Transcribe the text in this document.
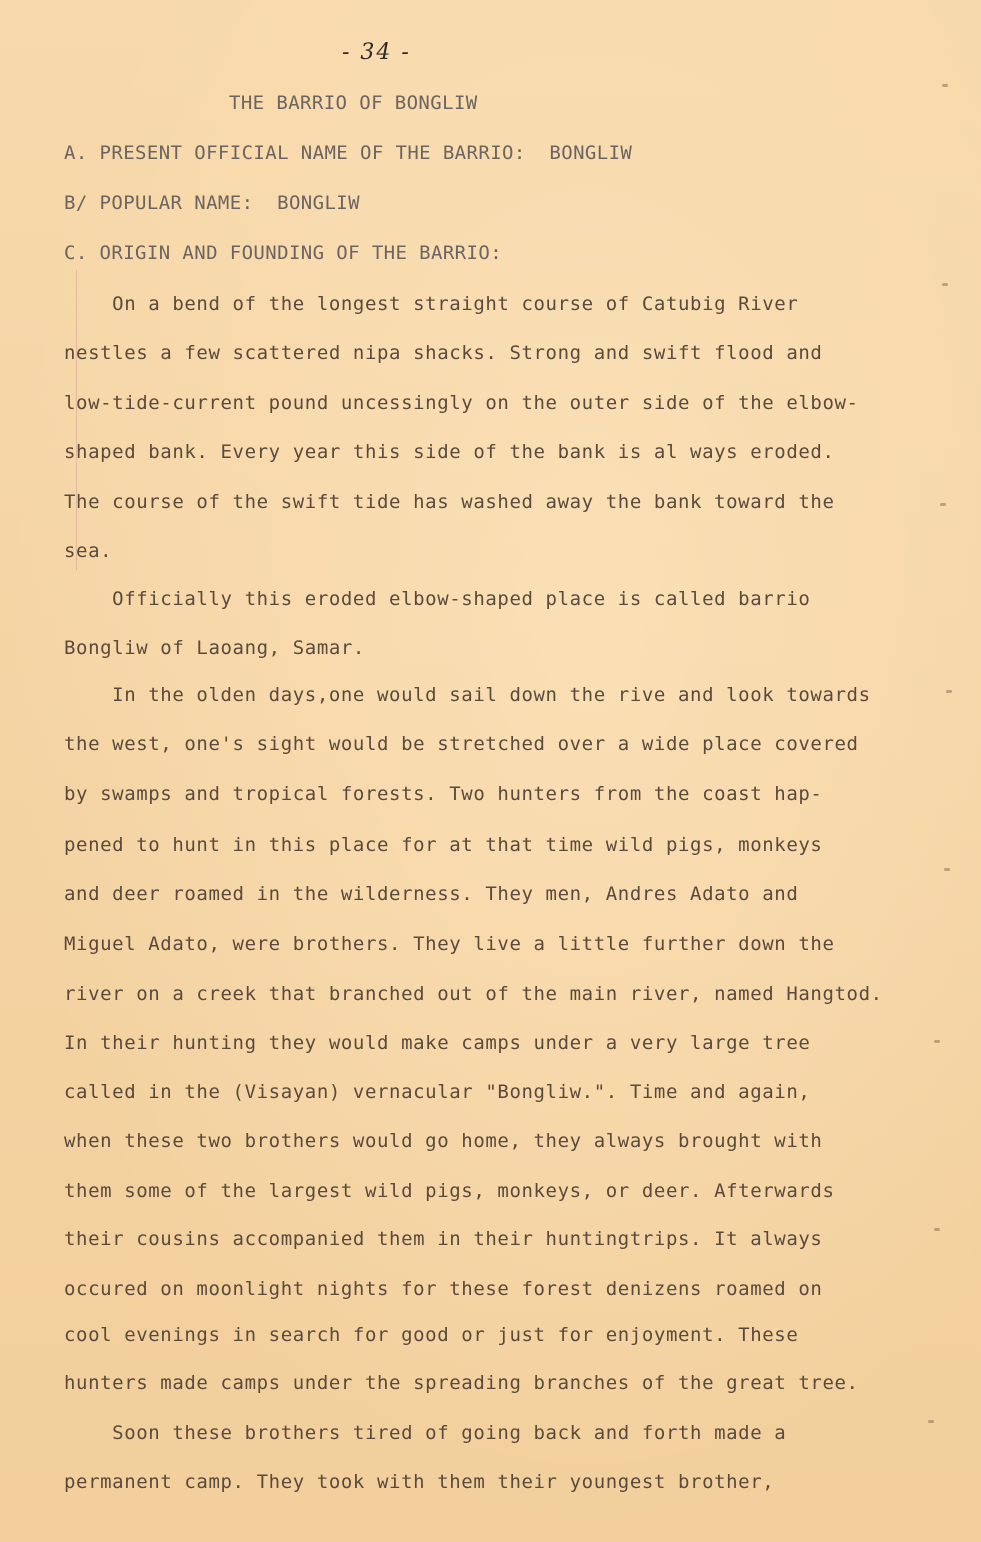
- 34 -
THE BARRIO OF BONGLIW
A. PRESENT OFFICIAL NAME OF THE BARRIO:  BONGLIW
B/ POPULAR NAME:  BONGLIW
C. ORIGIN AND FOUNDING OF THE BARRIO:
On a bend of the longest straight course of Catubig River
nestles a few scattered nipa shacks. Strong and swift flood and
low-tide-current pound uncessingly on the outer side of the elbow-
shaped bank. Every year this side of the bank is al ways eroded.
The course of the swift tide has washed away the bank toward the
sea.
Officially this eroded elbow-shaped place is called barrio
Bongliw of Laoang, Samar.
In the olden days,one would sail down the rive and look towards
the west, one's sight would be stretched over a wide place covered
by swamps and tropical forests. Two hunters from the coast hap-
pened to hunt in this place for at that time wild pigs, monkeys
and deer roamed in the wilderness. They men, Andres Adato and
Miguel Adato, were brothers. They live a little further down the
river on a creek that branched out of the main river, named Hangtod.
In their hunting they would make camps under a very large tree
called in the (Visayan) vernacular "Bongliw.". Time and again,
when these two brothers would go home, they always brought with
them some of the largest wild pigs, monkeys, or deer. Afterwards
their cousins accompanied them in their huntingtrips. It always
occured on moonlight nights for these forest denizens roamed on
cool evenings in search for good or just for enjoyment. These
hunters made camps under the spreading branches of the great tree.
Soon these brothers tired of going back and forth made a
permanent camp. They took with them their youngest brother,
